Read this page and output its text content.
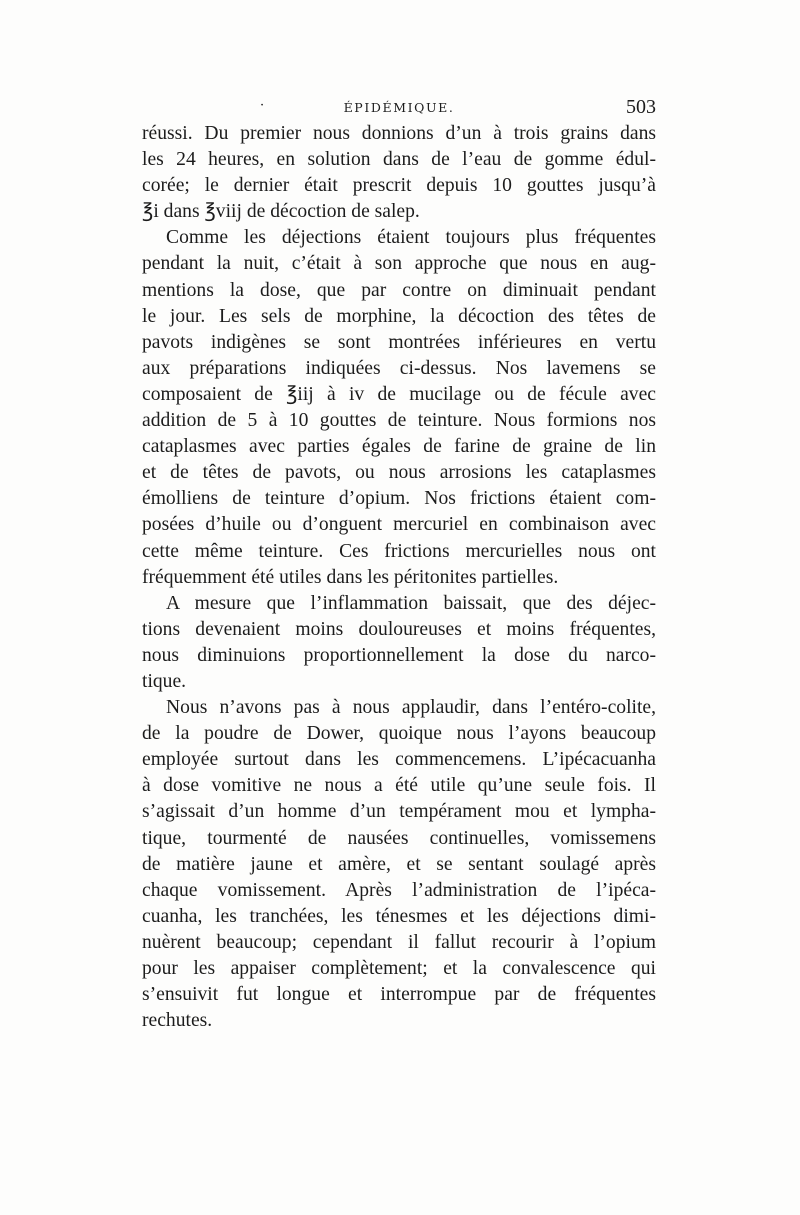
·	ÉPIDÉMIQUE.	503

réussi. Du premier nous donnions d’un à trois grains dans
les 24 heures, en solution dans de l’eau de gomme édul-
corée; le dernier était prescrit depuis 10 gouttes jusqu’à
℥i dans ℥viij de décoction de salep.

Comme les déjections étaient toujours plus fréquentes
pendant la nuit, c’était à son approche que nous en aug-
mentions la dose, que par contre on diminuait pendant
le jour. Les sels de morphine, la décoction des têtes de
pavots indigènes se sont montrées inférieures en vertu
aux préparations indiquées ci-dessus. Nos lavemens se
composaient de ℥iij à iv de mucilage ou de fécule avec
addition de 5 à 10 gouttes de teinture. Nous formions nos
cataplasmes avec parties égales de farine de graine de lin
et de têtes de pavots, ou nous arrosions les cataplasmes
émolliens de teinture d’opium. Nos frictions étaient com-
posées d’huile ou d’onguent mercuriel en combinaison avec
cette même teinture. Ces frictions mercurielles nous ont
fréquemment été utiles dans les péritonites partielles.

A mesure que l’inflammation baissait, que des déjec-
tions devenaient moins douloureuses et moins fréquentes,
nous diminuions proportionnellement la dose du narco-
tique.

Nous n’avons pas à nous applaudir, dans l’entéro-colite,
de la poudre de Dower, quoique nous l’ayons beaucoup
employée surtout dans les commencemens. L’ipécacuanha
à dose vomitive ne nous a été utile qu’une seule fois. Il
s’agissait d’un homme d’un tempérament mou et lympha-
tique, tourmenté de nausées continuelles, vomissemens
de matière jaune et amère, et se sentant soulagé après
chaque vomissement. Après l’administration de l’ipéca-
cuanha, les tranchées, les ténesmes et les déjections dimi-
nuèrent beaucoup; cependant il fallut recourir à l’opium
pour les appaiser complètement; et la convalescence qui
s’ensuivit fut longue et interrompue par de fréquentes
rechutes.
